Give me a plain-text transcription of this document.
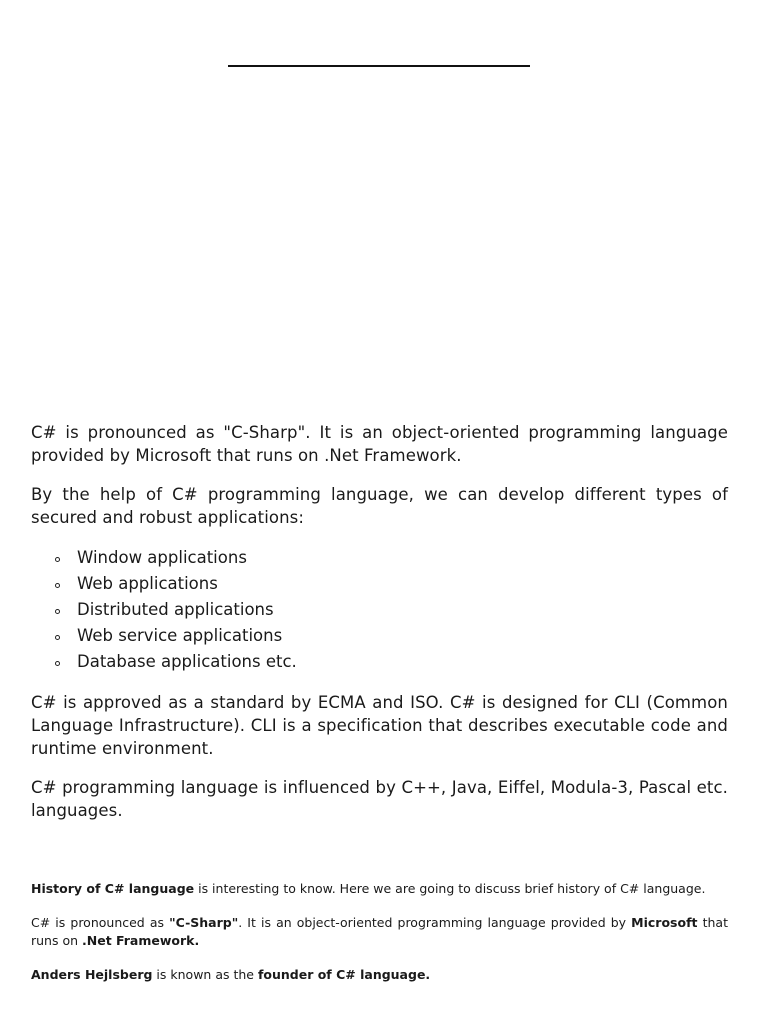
C# is pronounced as "C-Sharp". It is an object-oriented programming language provided by Microsoft that runs on .Net Framework.

By the help of C# programming language, we can develop different types of secured and robust applications:

Window applications
Web applications
Distributed applications
Web service applications
Database applications etc.

C# is approved as a standard by ECMA and ISO. C# is designed for CLI (Common Language Infrastructure). CLI is a specification that describes executable code and runtime environment.

C# programming language is influenced by C++, Java, Eiffel, Modula-3, Pascal etc. languages.

History of C# language is interesting to know. Here we are going to discuss brief history of C# language.

C# is pronounced as "C-Sharp". It is an object-oriented programming language provided by Microsoft that runs on .Net Framework.

Anders Hejlsberg is known as the founder of C# language.
